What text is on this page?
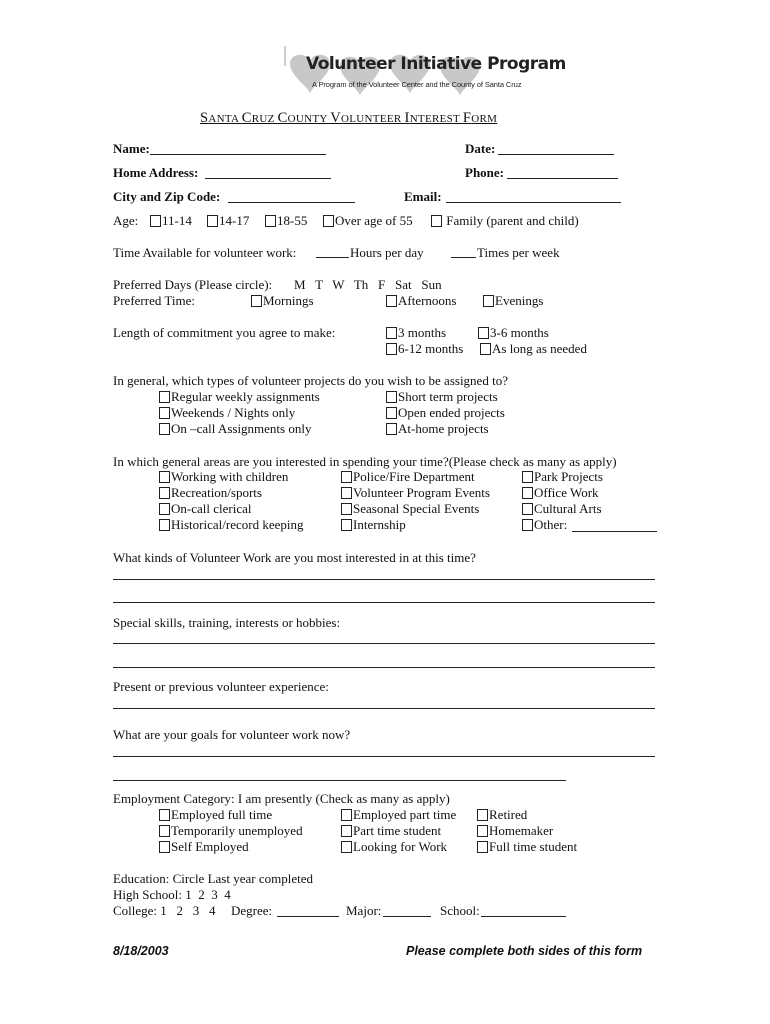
Volunteer Initiative Program
A Program of the Volunteer Center and the County of Santa Cruz
SANTA CRUZ COUNTY VOLUNTEER INTEREST FORM
Name:	Date:
Home Address:	Phone:
City and Zip Code:	Email:
Age:	11-14	14-17	18-55	Over age of 55	Family (parent and child)
Time Available for volunteer work:	Hours per day	Times per week
Preferred Days (Please circle): M   T   W   Th   F   Sat   Sun
Preferred Time:	Mornings	Afternoons	Evenings
Length of commitment you agree to make:	3 months	3-6 months
6-12 months	As long as needed
In general, which types of volunteer projects do you wish to be assigned to?
Regular weekly assignments	Short term projects
Weekends / Nights only	Open ended projects
On –call Assignments only	At-home projects
In which general areas are you interested in spending your time?(Please check as many as apply)
Working with children	Police/Fire Department	Park Projects
Recreation/sports	Volunteer Program Events	Office Work
On-call clerical	Seasonal Special Events	Cultural Arts
Historical/record keeping	Internship	Other:
What kinds of Volunteer Work are you most interested in at this time?
Special skills, training, interests or hobbies:
Present or previous volunteer experience:
What are your goals for volunteer work now?
Employment Category: I am presently (Check as many as apply)
Employed full time	Employed part time	Retired
Temporarily unemployed	Part time student	Homemaker
Self Employed	Looking for Work	Full time student
Education: Circle Last year completed
High School: 1  2  3  4
College: 1   2   3   4 Degree:	Major:	School:
8/18/2003	Please complete both sides of this form
